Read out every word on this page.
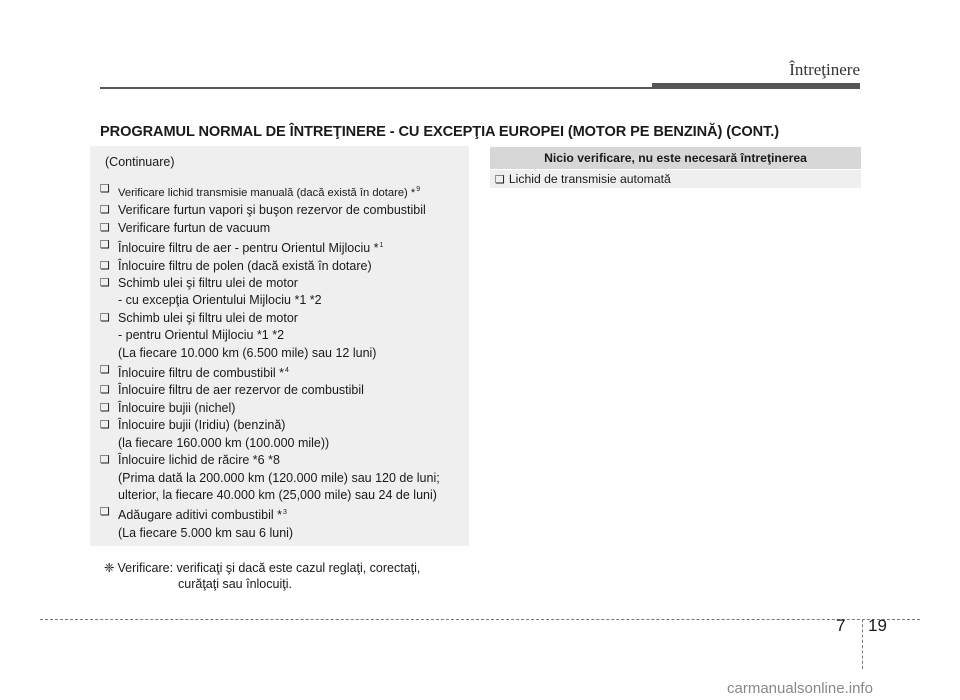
Întreţinere
PROGRAMUL NORMAL DE ÎNTREŢINERE - CU EXCEPŢIA EUROPEI (MOTOR PE BENZINĂ) (CONT.)
(Continuare)
❑ Verificare lichid transmisie manuală (dacă există în dotare) *$^9$
❑ Verificare furtun vapori şi buşon rezervor de combustibil
❑ Verificare furtun de vacuum
❑ Înlocuire filtru de aer - pentru Orientul Mijlociu *$^1$
❑ Înlocuire filtru de polen (dacă există în dotare)
❑ Schimb ulei şi filtru ulei de motor
- cu excepţia Orientului Mijlociu *1 *2
❑ Schimb ulei şi filtru ulei de motor
- pentru Orientul Mijlociu *1 *2
(La fiecare 10.000 km (6.500 mile) sau 12 luni)
❑ Înlocuire filtru de combustibil *$^4$
❑ Înlocuire filtru de aer rezervor de combustibil
❑ Înlocuire bujii (nichel)
❑ Înlocuire bujii (Iridiu) (benzină)
(la fiecare 160.000 km (100.000 mile))
❑ Înlocuire lichid de răcire *6 *8
(Prima dată la 200.000 km (120.000 mile) sau 120 de luni;
ulterior, la fiecare 40.000 km (25,000 mile) sau 24 de luni)
❑ Adăugare aditivi combustibil *$^3$
(La fiecare 5.000 km sau 6 luni)
❈ Verificare: verificaţi şi dacă este cazul reglaţi, corectaţi,
curăţaţi sau înlocuiţi.
Nicio verificare, nu este necesară întreţinerea
❑ Lichid de transmisie automată
7 19
carmanualsonline.info
